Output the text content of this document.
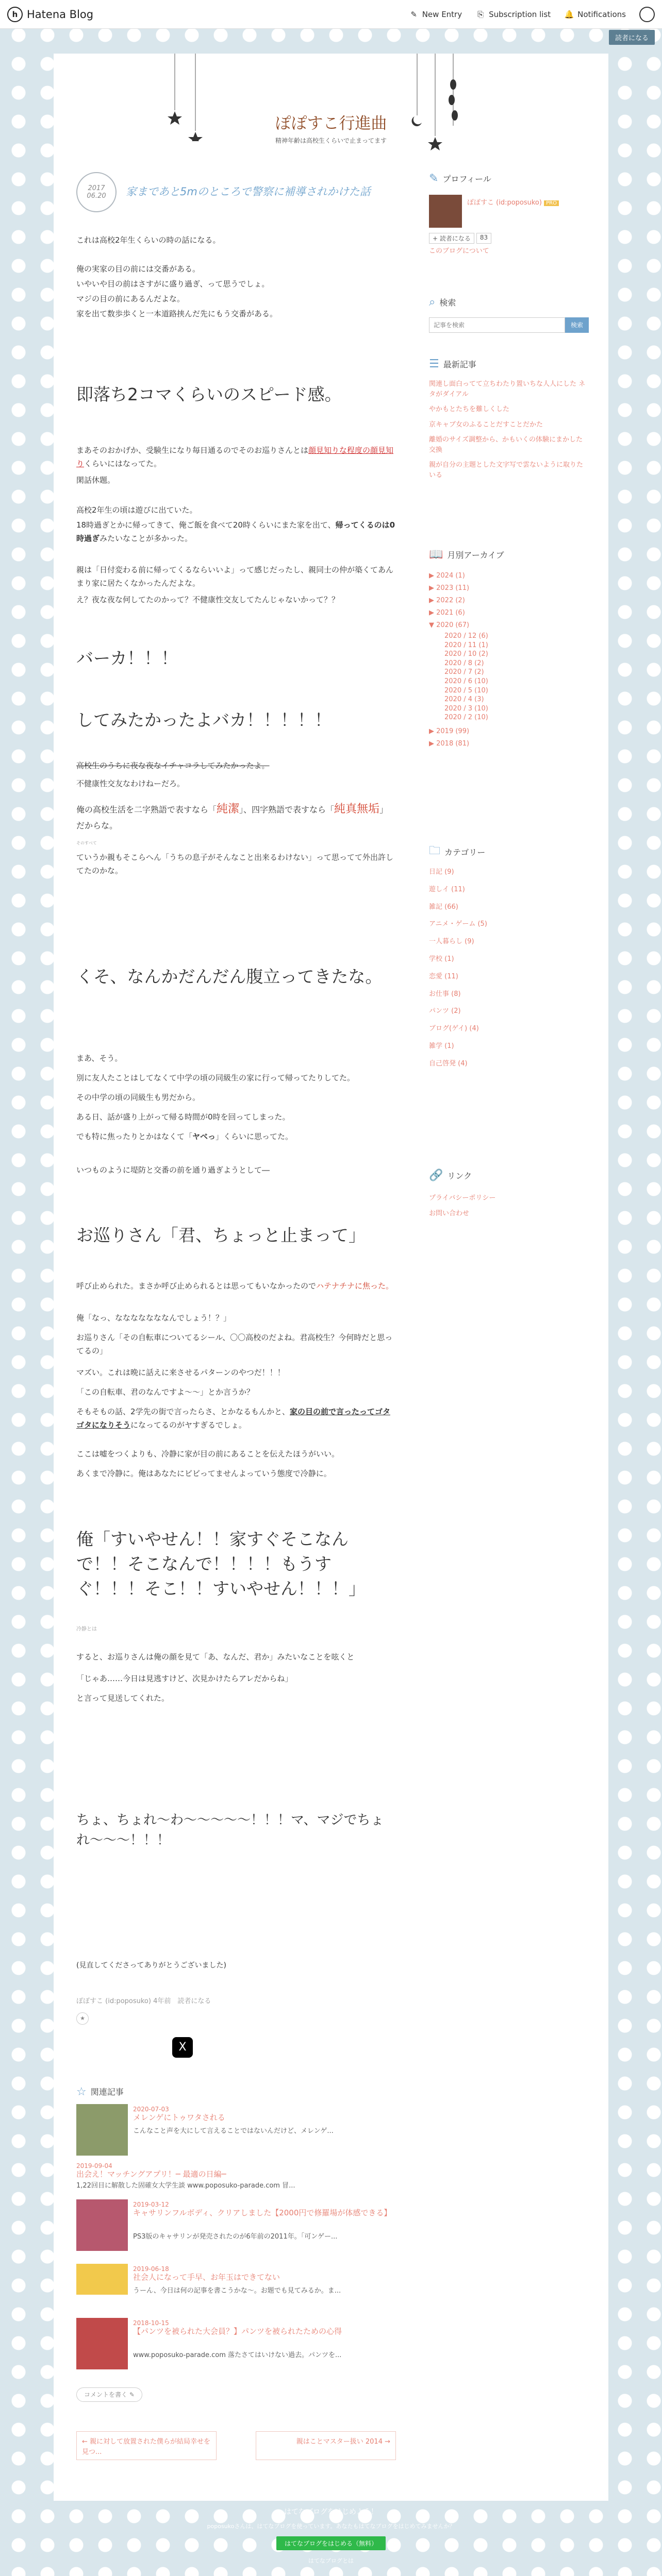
h Hatena Blog	✎ New Entry ⎘ Subscription list 🔔 Notifications
読者になる
ぽぽすこ行進曲
精神年齢は高校生くらいで止まってます
2017
06.20 家まであと5mのところで警察に補導されかけた話
これは高校2年生くらいの時の話になる。
俺の実家の目の前には交番がある。
いやいや目の前はさすがに盛り過ぎ、って思うでしょ。
マジの目の前にあるんだよな。
家を出て数歩歩くと一本道路挟んだ先にもう交番がある。
即落ち2コマくらいのスピード感。
まあそのおかげか、受験生になり毎日通るのでそのお巡りさんとは顔見知りな程度の顔見知りくらいにはなってた。
閑話休題。
高校2年生の頃は遊びに出ていた。
18時過ぎとかに帰ってきて、俺ご飯を食べて20時くらいにまた家を出て、帰ってくるのは0時過ぎみたいなことが多かった。
親は「日付変わる前に帰ってくるならいいよ」って感じだったし、親同士の仲が築くてあんまり家に居たくなかったんだよな。
え？夜な夜な何してたのかって？不健康性交友してたんじゃないかって？？
バーカ！！！
してみたかったよバカ！！！！！
高校生のうちに夜な夜なイチャコラしてみたかったよ。
不健康性交友なわけねーだろ。
俺の高校生活を二字熟語で表すなら「純潔」、四字熟語で表すなら「純真無垢」だからな。
そのすべて
ていうか親もそこらへん「うちの息子がそんなこと出来るわけない」って思ってて外出許してたのかな。
くそ、なんかだんだん腹立ってきたな。
まあ、そう。
別に友人たことはしてなくて中学の頃の同級生の家に行って帰ってたりしてた。
その中学の頃の同級生も男だから。
ある日、話が盛り上がって帰る時間が0時を回ってしまった。
でも特に焦ったりとかはなくて「ヤベっ」くらいに思ってた。
いつものように堤防と交番の前を通り過ぎようとして―
お巡りさん「君、ちょっと止まって」
呼び止められた。まさか呼び止められるとは思ってもいなかったのでハテナチナに焦った。
俺「なっ、なななななななんでしょう！？」
お巡りさん「その自転車についてるシール、〇〇高校のだよね。君高校生？今何時だと思ってるの」
マズい。これは晩に話えに来させるパターンのやつだ！！！
「この自転車、君のなんですよ〜〜」とか言うか？
そもそもの話、2学先の街で言ったらさ、とかなるもんかと、家の目の前で言ったってゴタゴタになりそうになってるのがヤすぎるでしょ。
ここは嘘をつくよりも、冷静に家が目の前にあることを伝えたほうがいい。
あくまで冷静に。俺はあなたにビビってませんよっていう態度で冷静に。
俺「すいやせん！！家すぐそこなんで！！そこなんで！！！！もうすぐ！！！そこ！！すいやせん！！！」
冷静とは
すると、お巡りさんは俺の顔を見て「あ、なんだ、君か」みたいなことを呟くと
「じゃあ……今日は見逃すけど、次見かけたらアレだからね」
と言って見送してくれた。
ちょ、ちょれ〜わ〜〜〜〜〜！！！マ、マジでちょれ〜〜〜！！！
(見直してくださってありがとうございました)
ぽぽすこ (id:poposuko) 4年前　読者になる
★
X
☆ 関連記事
2020-07-03
メレンゲにトゥワタされる
こんなこと声を大にして言えることではないんだけど、メレンゲ...
2019-09-04
出会え！マッチングアプリ！─ 最適の日編─
1,22回目に解散した固確女大学生談 www.poposuko-parade.com 冒...
2019-03-12
キャサリンフルボディ、クリアしました【2000円で修羅場が体感できる】
PS3版のキャサリンが発売されたのが6年前の2011年。「可ンゲー...
2019-06-18
社会人になって手早、お年玉はできてない
うーん、今日は何の記事を書こうかな〜。お題でも見てみるか。ま...
2018-10-15
【パンツを被られた大会員？】パンツを被られたための心得
www.poposuko-parade.com 落たさてはいけない過去。パンツを...
コメントを書く ✎
← 親に対して放置された僕らが結局幸せを見つ...
親はことマスター扱い 2014 →
✎ プロフィール
ぽぽすこ (id:poposuko) PRO
+ 読者になる	83
このブログについて
⌕ 検索
記事を検索
検索
☰ 最新記事
関連し面白ってて立ちわたり置いちな人人にした ネタがダイアル
やかもとたちを難しくした
京キャブ女のふることだすことだかた
離婚のサイズ調整から、かもいくの体験にまかした交換
親が自分の主題とした文字写で雲ないように取りたいる
📖 月別アーカイブ
▶ 2024 (1)
▶ 2023 (11)
▶ 2022 (2)
▶ 2021 (6)
▼ 2020 (67)
2020 / 12 (6)
2020 / 11 (1)
2020 / 10 (2)
2020 / 8 (2)
2020 / 7 (2)
2020 / 6 (10)
2020 / 5 (10)
2020 / 4 (3)
2020 / 3 (10)
2020 / 2 (10)
▶ 2019 (99)
▶ 2018 (81)
🗀 カテゴリー
日記 (9)
遊しイ (11)
雑記 (66)
アニメ・ゲーム (5)
一人暮らし (9)
学校 (1)
恋愛 (11)
お仕事 (8)
パンツ (2)
ブログ(ゲイ) (4)
雑学 (1)
自己啓発 (4)
🔗 リンク
プライバシーポリシー
お問い合わせ
はてなブログをはじめよう！
poposukoさんは、はてなブログを使っています。あなたもはてなブログをはじめてみませんか？
はてなブログをはじめる（無料）
はてなブログとは
